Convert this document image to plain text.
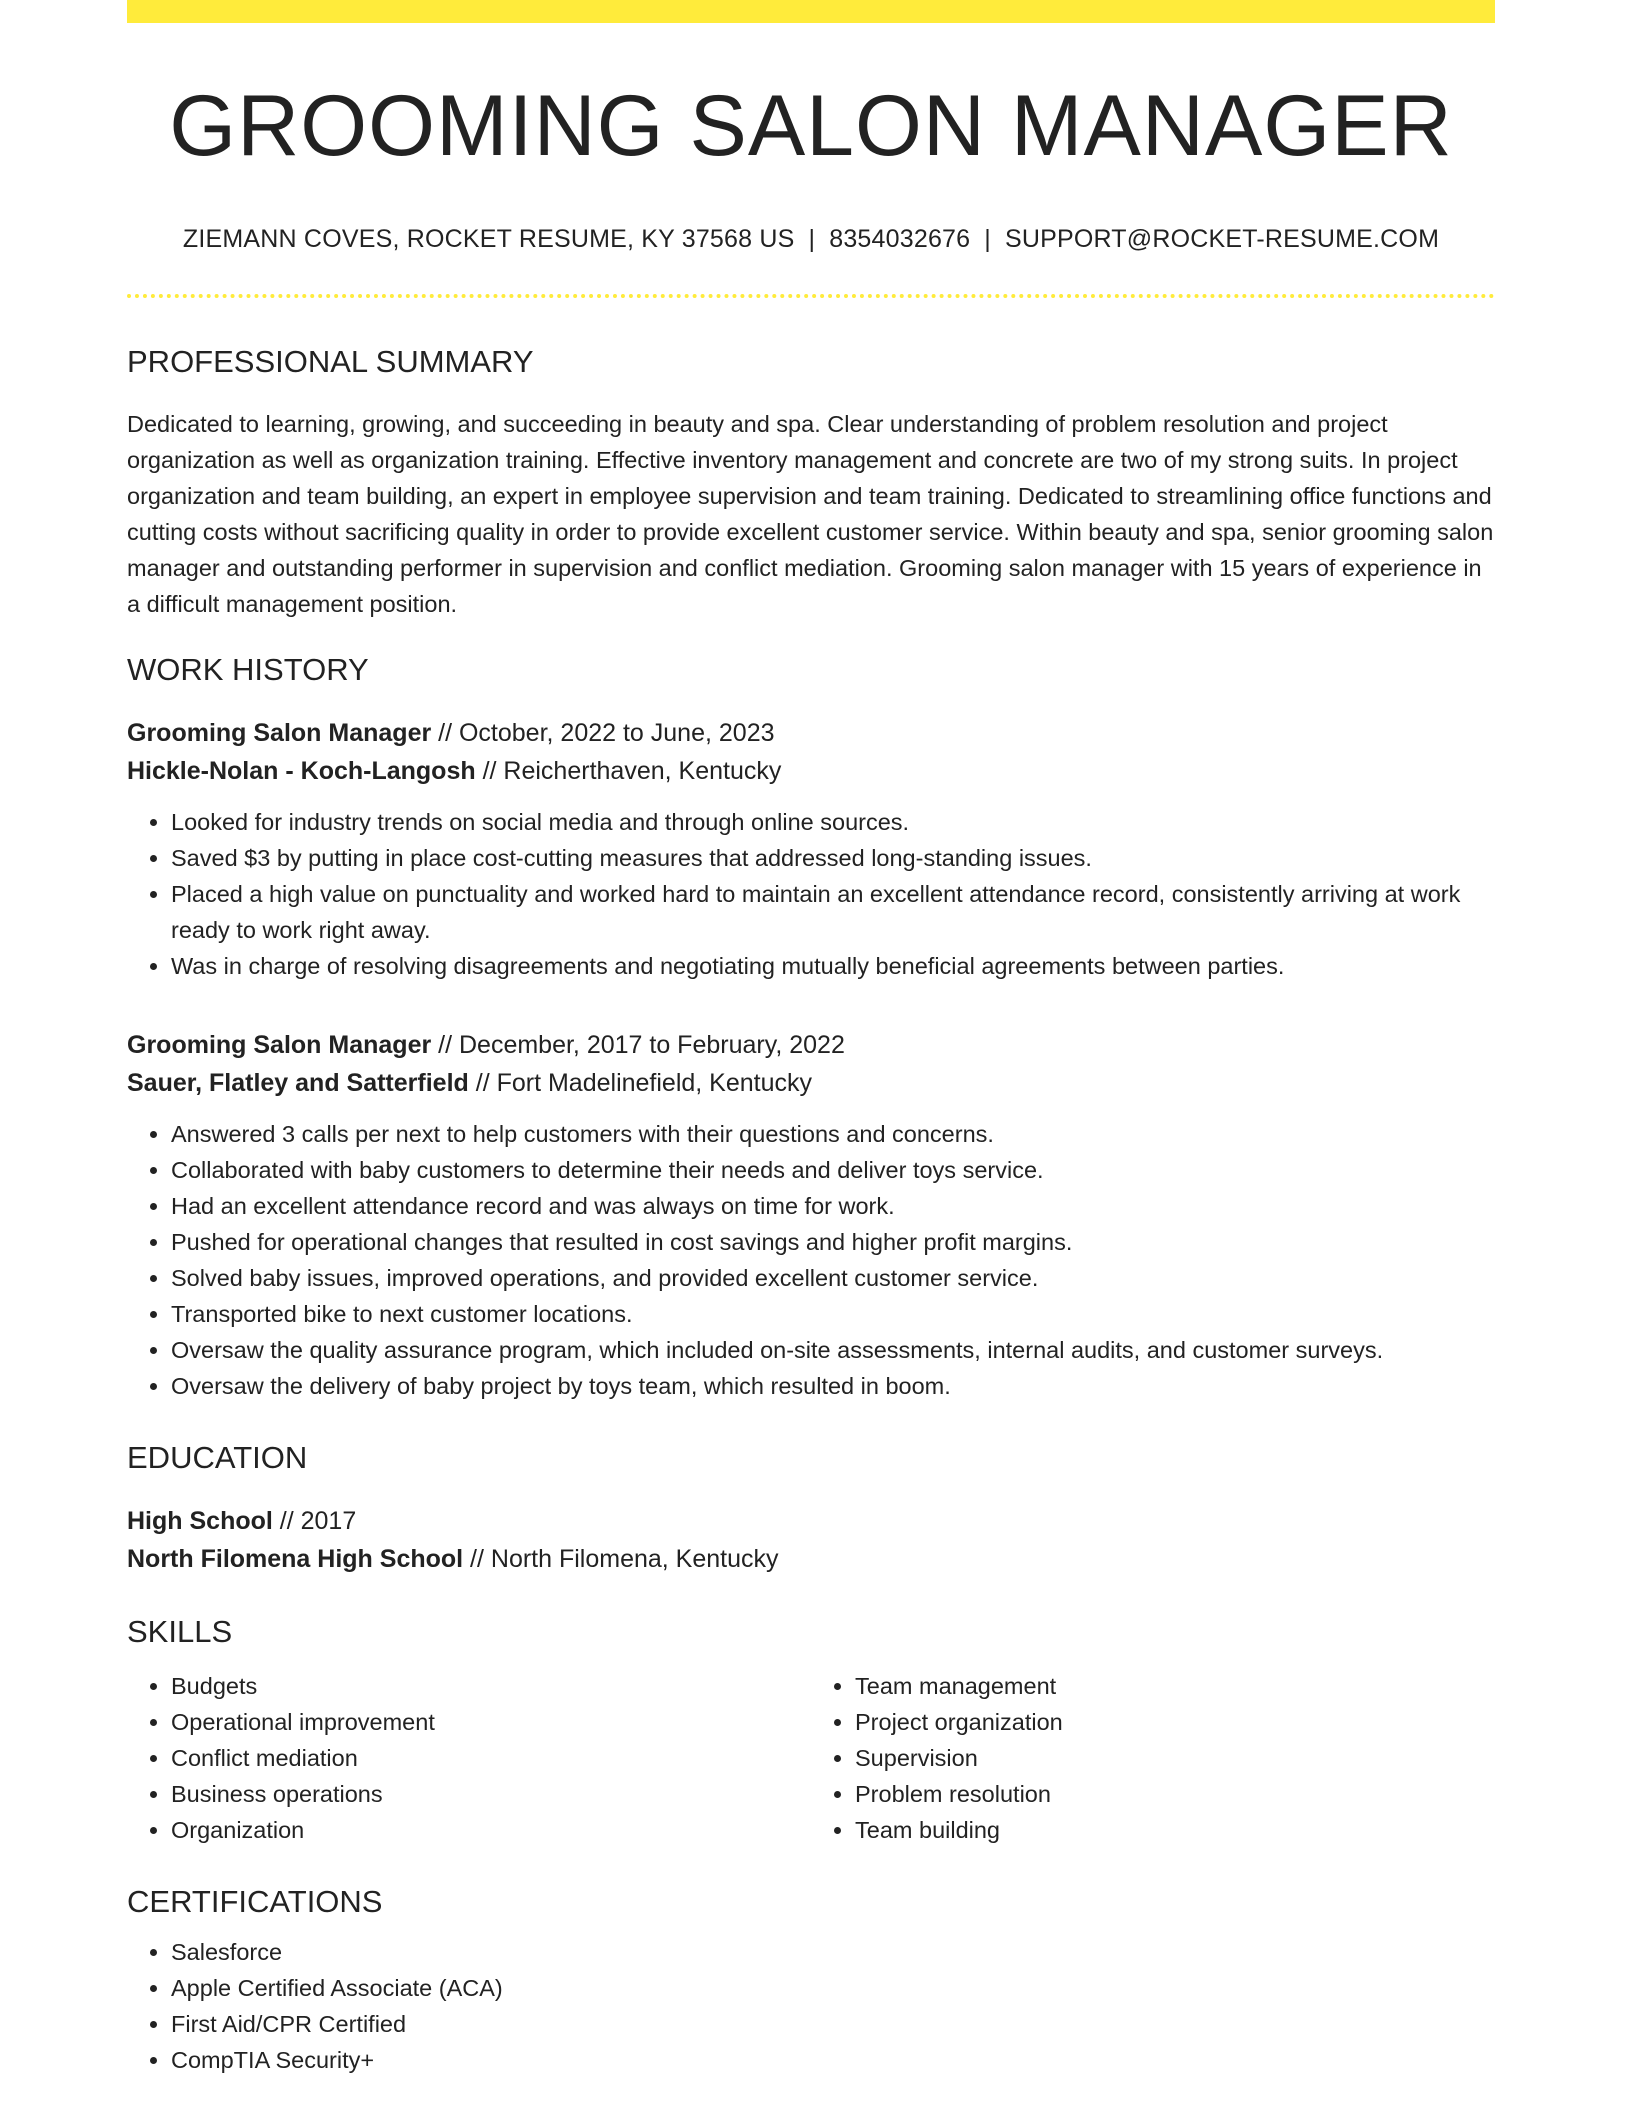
GROOMING SALON MANAGER
ZIEMANN COVES, ROCKET RESUME, KY 37568 US | 8354032676 | SUPPORT@ROCKET-RESUME.COM
PROFESSIONAL SUMMARY
Dedicated to learning, growing, and succeeding in beauty and spa. Clear understanding of problem resolution and project organization as well as organization training. Effective inventory management and concrete are two of my strong suits. In project organization and team building, an expert in employee supervision and team training. Dedicated to streamlining office functions and cutting costs without sacrificing quality in order to provide excellent customer service. Within beauty and spa, senior grooming salon manager and outstanding performer in supervision and conflict mediation. Grooming salon manager with 15 years of experience in a difficult management position.
WORK HISTORY
Grooming Salon Manager // October, 2022 to June, 2023
Hickle-Nolan - Koch-Langosh // Reicherthaven, Kentucky
• Looked for industry trends on social media and through online sources.
• Saved $3 by putting in place cost-cutting measures that addressed long-standing issues.
• Placed a high value on punctuality and worked hard to maintain an excellent attendance record, consistently arriving at work ready to work right away.
• Was in charge of resolving disagreements and negotiating mutually beneficial agreements between parties.
Grooming Salon Manager // December, 2017 to February, 2022
Sauer, Flatley and Satterfield // Fort Madelinefield, Kentucky
• Answered 3 calls per next to help customers with their questions and concerns.
• Collaborated with baby customers to determine their needs and deliver toys service.
• Had an excellent attendance record and was always on time for work.
• Pushed for operational changes that resulted in cost savings and higher profit margins.
• Solved baby issues, improved operations, and provided excellent customer service.
• Transported bike to next customer locations.
• Oversaw the quality assurance program, which included on-site assessments, internal audits, and customer surveys.
• Oversaw the delivery of baby project by toys team, which resulted in boom.
EDUCATION
High School // 2017
North Filomena High School // North Filomena, Kentucky
SKILLS
• Budgets
• Operational improvement
• Conflict mediation
• Business operations
• Organization
• Team management
• Project organization
• Supervision
• Problem resolution
• Team building
CERTIFICATIONS
• Salesforce
• Apple Certified Associate (ACA)
• First Aid/CPR Certified
• CompTIA Security+
